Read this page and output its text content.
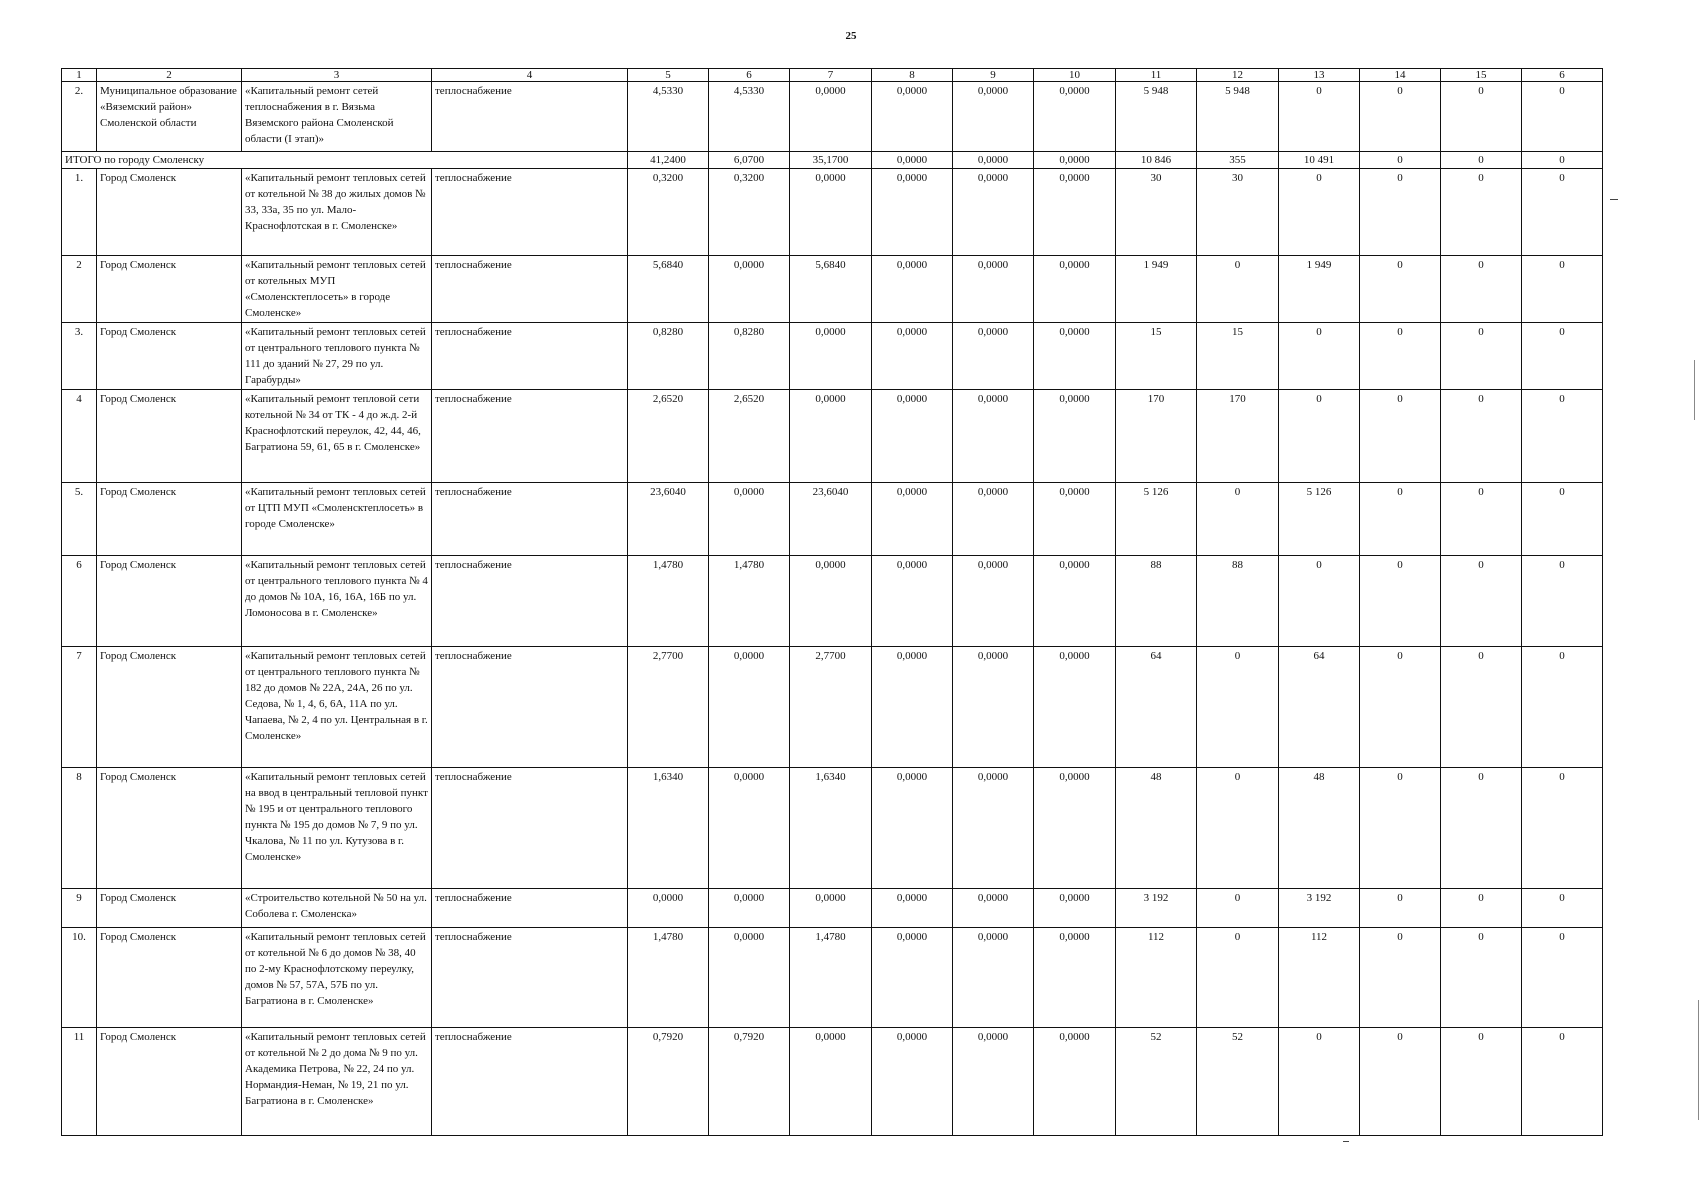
25
1	2	3	4	5	6	7	8	9	10	11	12	13	14	15	6
2.	Муниципальное образование «Вяземский район» Смоленской области	«Капитальный ремонт сетей теплоснабжения в г. Вязьма Вяземского района Смоленской области (I этап)»	теплоснабжение	4,5330	4,5330	0,0000	0,0000	0,0000	0,0000	5 948	5 948	0	0	0	0
ИТОГО по городу Смоленску				41,2400	6,0700	35,1700	0,0000	0,0000	0,0000	10 846	355	10 491	0	0	0
1.	Город Смоленск	«Капитальный ремонт тепловых сетей от котельной № 38 до жилых домов № 33, 33а, 35 по ул. Мало-Краснофлотская в г. Смоленске»	теплоснабжение	0,3200	0,3200	0,0000	0,0000	0,0000	0,0000	30	30	0	0	0	0
2	Город Смоленск	«Капитальный ремонт тепловых сетей от котельных МУП «Смоленсктеплосеть» в городе Смоленске»	теплоснабжение	5,6840	0,0000	5,6840	0,0000	0,0000	0,0000	1 949	0	1 949	0	0	0
3.	Город Смоленск	«Капитальный ремонт тепловых сетей от центрального теплового пункта № 111 до зданий № 27, 29 по ул. Гарабурды»	теплоснабжение	0,8280	0,8280	0,0000	0,0000	0,0000	0,0000	15	15	0	0	0	0
4	Город Смоленск	«Капитальный ремонт тепловой сети котельной № 34 от ТК - 4 до ж.д. 2-й Краснофлотский переулок, 42, 44, 46, Багратиона 59, 61, 65 в г. Смоленске»	теплоснабжение	2,6520	2,6520	0,0000	0,0000	0,0000	0,0000	170	170	0	0	0	0
5.	Город Смоленск	«Капитальный ремонт тепловых сетей от ЦТП МУП «Смоленсктеплосеть» в городе Смоленске»	теплоснабжение	23,6040	0,0000	23,6040	0,0000	0,0000	0,0000	5 126	0	5 126	0	0	0
6	Город Смоленск	«Капитальный ремонт тепловых сетей от центрального теплового пункта № 4 до домов № 10А, 16, 16А, 16Б по ул. Ломоносова в г. Смоленске»	теплоснабжение	1,4780	1,4780	0,0000	0,0000	0,0000	0,0000	88	88	0	0	0	0
7	Город Смоленск	«Капитальный ремонт тепловых сетей от центрального теплового пункта № 182 до домов № 22А, 24А, 26 по ул. Седова, № 1, 4, 6, 6А, 11А по ул. Чапаева, № 2, 4 по ул. Центральная в г. Смоленске»	теплоснабжение	2,7700	0,0000	2,7700	0,0000	0,0000	0,0000	64	0	64	0	0	0
8	Город Смоленск	«Капитальный ремонт тепловых сетей на ввод в центральный тепловой пункт № 195 и от центрального теплового пункта № 195 до домов № 7, 9 по ул. Чкалова, № 11 по ул. Кутузова в г. Смоленске»	теплоснабжение	1,6340	0,0000	1,6340	0,0000	0,0000	0,0000	48	0	48	0	0	0
9	Город Смоленск	«Строительство котельной № 50 на ул. Соболева г. Смоленска»	теплоснабжение	0,0000	0,0000	0,0000	0,0000	0,0000	0,0000	3 192	0	3 192	0	0	0
10.	Город Смоленск	«Капитальный ремонт тепловых сетей от котельной № 6 до домов № 38, 40 по 2-му Краснофлотскому переулку, домов № 57, 57А, 57Б по ул. Багратиона в г. Смоленске»	теплоснабжение	1,4780	0,0000	1,4780	0,0000	0,0000	0,0000	112	0	112	0	0	0
11	Город Смоленск	«Капитальный ремонт тепловых сетей от котельной № 2 до дома № 9 по ул. Академика Петрова, № 22, 24 по ул. Нормандия-Неман, № 19, 21 по ул. Багратиона в г. Смоленске»	теплоснабжение	0,7920	0,7920	0,0000	0,0000	0,0000	0,0000	52	52	0	0	0	0
